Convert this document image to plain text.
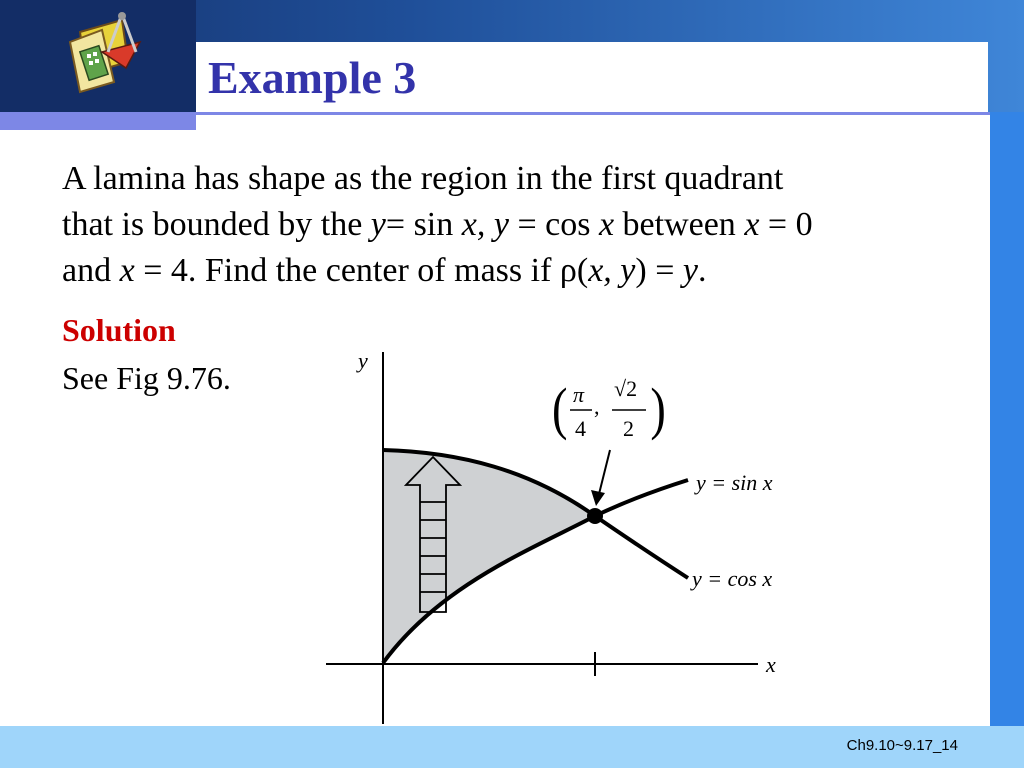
Example 3
Ch9.10~9.17_14

A lamina has shape as the region in the first quadrant

that is bounded by the y= sin x, y = cos x between x = 0

and x = 4. Find the center of mass if ρ(x, y) = y.

Solution
See Fig 9.76.	y
x
( π
4
,
√2
2 )
y = sin x
y = cos x
